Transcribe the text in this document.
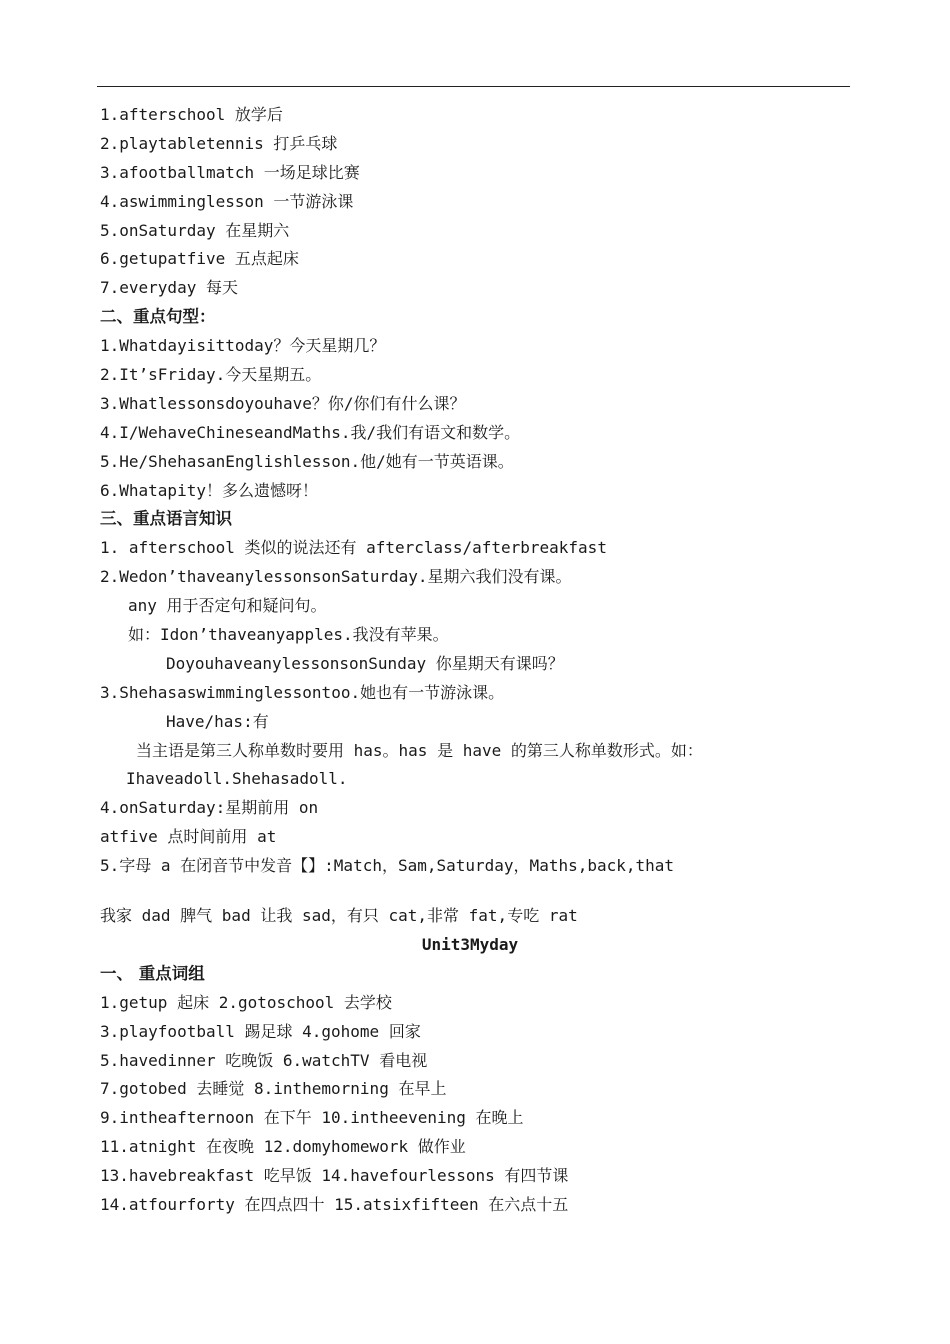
1.afterschool 放学后
2.playtabletennis 打乒乓球
3.afootballmatch 一场足球比赛
4.aswimminglesson 一节游泳课
5.onSaturday 在星期六
6.getupatfive 五点起床
7.everyday 每天
二、重点句型：
1.Whatdayisittoday？今天星期几？
2.It’sFriday.今天星期五。
3.Whatlessonsdoyouhave？你/你们有什么课？
4.I/WehaveChineseandMaths.我/我们有语文和数学。
5.He/ShehasanEnglishlesson.他/她有一节英语课。
6.Whatapity！多么遗憾呀！
三、重点语言知识
1. afterschool 类似的说法还有 afterclass/afterbreakfast
2.Wedon’thaveanylessonsonSaturday.星期六我们没有课。
any 用于否定句和疑问句。
如：Idon’thaveanyapples.我没有苹果。
DoyouhaveanylessonsonSunday 你星期天有课吗？
3.Shehasaswimminglessontoo.她也有一节游泳课。
Have/has:有
当主语是第三人称单数时要用 has。has 是 have 的第三人称单数形式。如：
Ihaveadoll.Shehasadoll.
4.onSaturday:星期前用 on
atfive 点时间前用 at
5.字母 a 在闭音节中发音【】:Match，Sam,Saturday，Maths,back,that
我家 dad 脾气 bad 让我 sad，有只 cat,非常 fat,专吃 rat
Unit3Myday
一、 重点词组
1.getup 起床 2.gotoschool 去学校
3.playfootball 踢足球 4.gohome 回家
5.havedinner 吃晚饭 6.watchTV 看电视
7.gotobed 去睡觉 8.inthemorning 在早上
9.intheafternoon 在下午 10.intheevening 在晚上
11.atnight 在夜晚 12.domyhomework 做作业
13.havebreakfast 吃早饭 14.havefourlessons 有四节课
14.atfourforty 在四点四十 15.atsixfifteen 在六点十五
